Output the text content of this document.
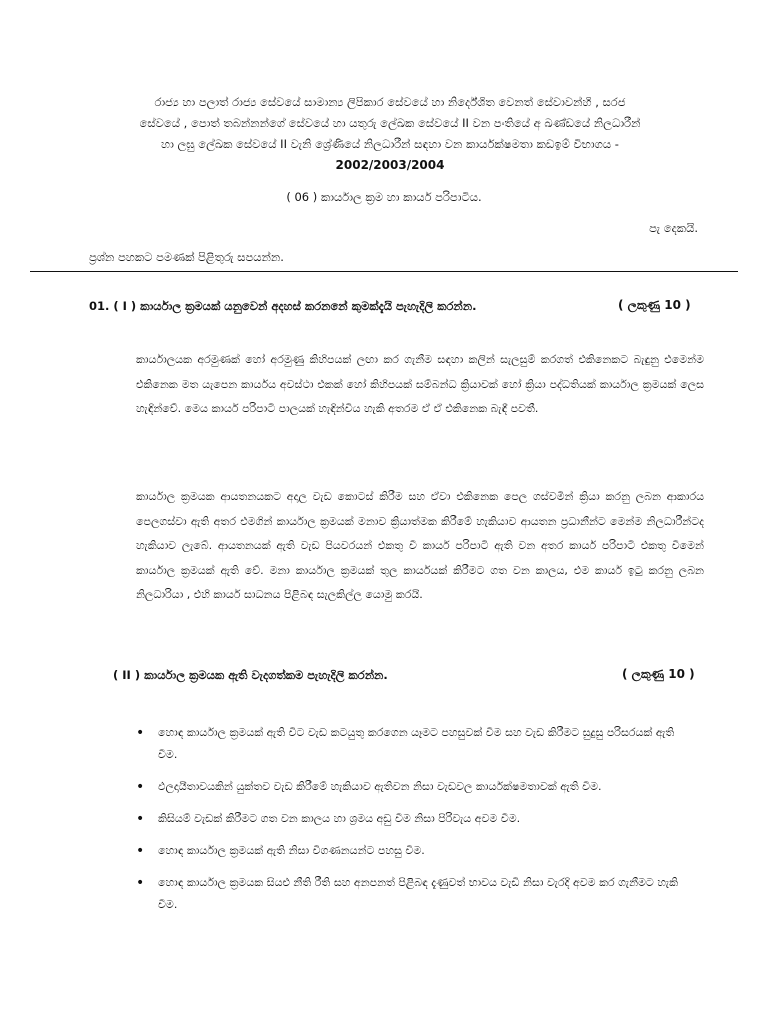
රාජ්‍ය හා පලාත් රාජ්‍ය සේවයේ සාමාන්‍ය ලිපිකාර සේවයේ හා නිර්දේශිත වෙනත් සේවාවන්හි , සරජ
සේවයේ , පොත් තබන්නන්ගේ සේවයේ හා යතුරු ලේඛක සේවයේ II වන පංතියේ අ ඛණ්ඩයේ නිලධාරීන්
හා ලඝු ලේඛක සේවයේ II වැනි ශ්‍රේණියේ නිලධාරීන් සඳහා වන කාර්යක්ෂමතා කඩඉම් විභාගය -
2002/2003/2004
( 06 ) කාර්යාල ක්‍රම හා කාර්ය පරිපාටිය.
පැ දෙකයි.
ප්‍රශ්න පහකට පමණක් පිළිතුරු සපයන්න.
01. ( I ) කාර්යාල ක්‍රමයක් යනුවෙන් අදහස් කරනනේ කුමක්දැයි පැහැදිලි කරන්න.	( ලකුණු 10 )
කාර්යාලයක අරමුණක් හෝ අරමුණු කිහිපයක් ලඟා කර ගැනීම සඳහා කලින් සැලසුම් කරගත් එකිනෙකට බැඳුනු එමෙන්ම එකිනෙක මත යැපෙන කාර්යය අවස්ථා එකක් හෝ කිහිපයක් සම්බන්ධ ක්‍රියාවක් හෝ ක්‍රියා පද්ධතියක් කාර්යාල ක්‍රමයක් ලෙස හැඳින්වේ. මෙය කාර්ය පරිපාටි පාලයක් හැඳින්විය හැකි අතරම ඒ ඒ එකිනෙක බැඳී පවතී.
කාර්යාල ක්‍රමයක ආයතනයකට අදාල වැඩ කොටස් කිරීම සහ ඒවා එකිනෙක පෙල ගස්වමින් ක්‍රියා කරනු ලබන ආකාරය පෙලගස්වා ඇති අතර එමගින් කාර්යාල ක්‍රමයක් මනාව ක්‍රියාත්මක කිරීමේ හැකියාව ආයතන ප්‍රධානීන්ට මෙන්ම නිලධාරීන්ටද හැකියාව ලැබේ. ආයතනයක් ඇති වැඩ පියවරයන් එකතු වී කාර්ය පරිපාටි ඇති වන අතර කාර්ය පරිපාටි එකතු වීමෙන් කාර්යාල ක්‍රමයක් ඇති වේ. මනා කාර්යාල ක්‍රමයක් තුල කාර්යයක් කිරීමට ගත වන කාලය, එම කාර්ය ඉටු කරනු ලබන නිලධාරියා , එහි කාර්ය සාධනය පිළිබඳ සැලකිල්ල යොමු කරයි.
( II ) කාර්යාල ක්‍රමයක ඇති වැදගත්කම පැහැදිලි කරන්න.	( ලකුණු 10 )
• හොඳ කාර්යාල ක්‍රමයක් ඇති විට වැඩ කටයුතු කරගෙන යෑමට පහසුවක් වීම සහ වැඩ කිරීමට සුදුසු පරිසරයක් ඇති වීම.
• ඵලදායීතාවයකින් යුක්තව වැඩ කිරීමේ හැකියාව ඇතිවන නිසා වැඩවල කාර්යක්ෂමතාවක් ඇති වීම.
• කිසියම් වැඩක් කිරීමට ගත වන කාලය හා ශ්‍රමය අඩු වීම නිසා පිරිවැය අවම වීම.
• හොඳ කාර්යාල ක්‍රමයක් ඇති නිසා විගණනයන්ට පහසු වීම.
• හොඳ කාර්යාල ක්‍රමයක සියළු නීති රීති සහ අනපනත් පිළිබඳ දැණුවත් භාවය වැඩි නිසා වැරදි අවම කර ගැනීමට හැකි වීම.
